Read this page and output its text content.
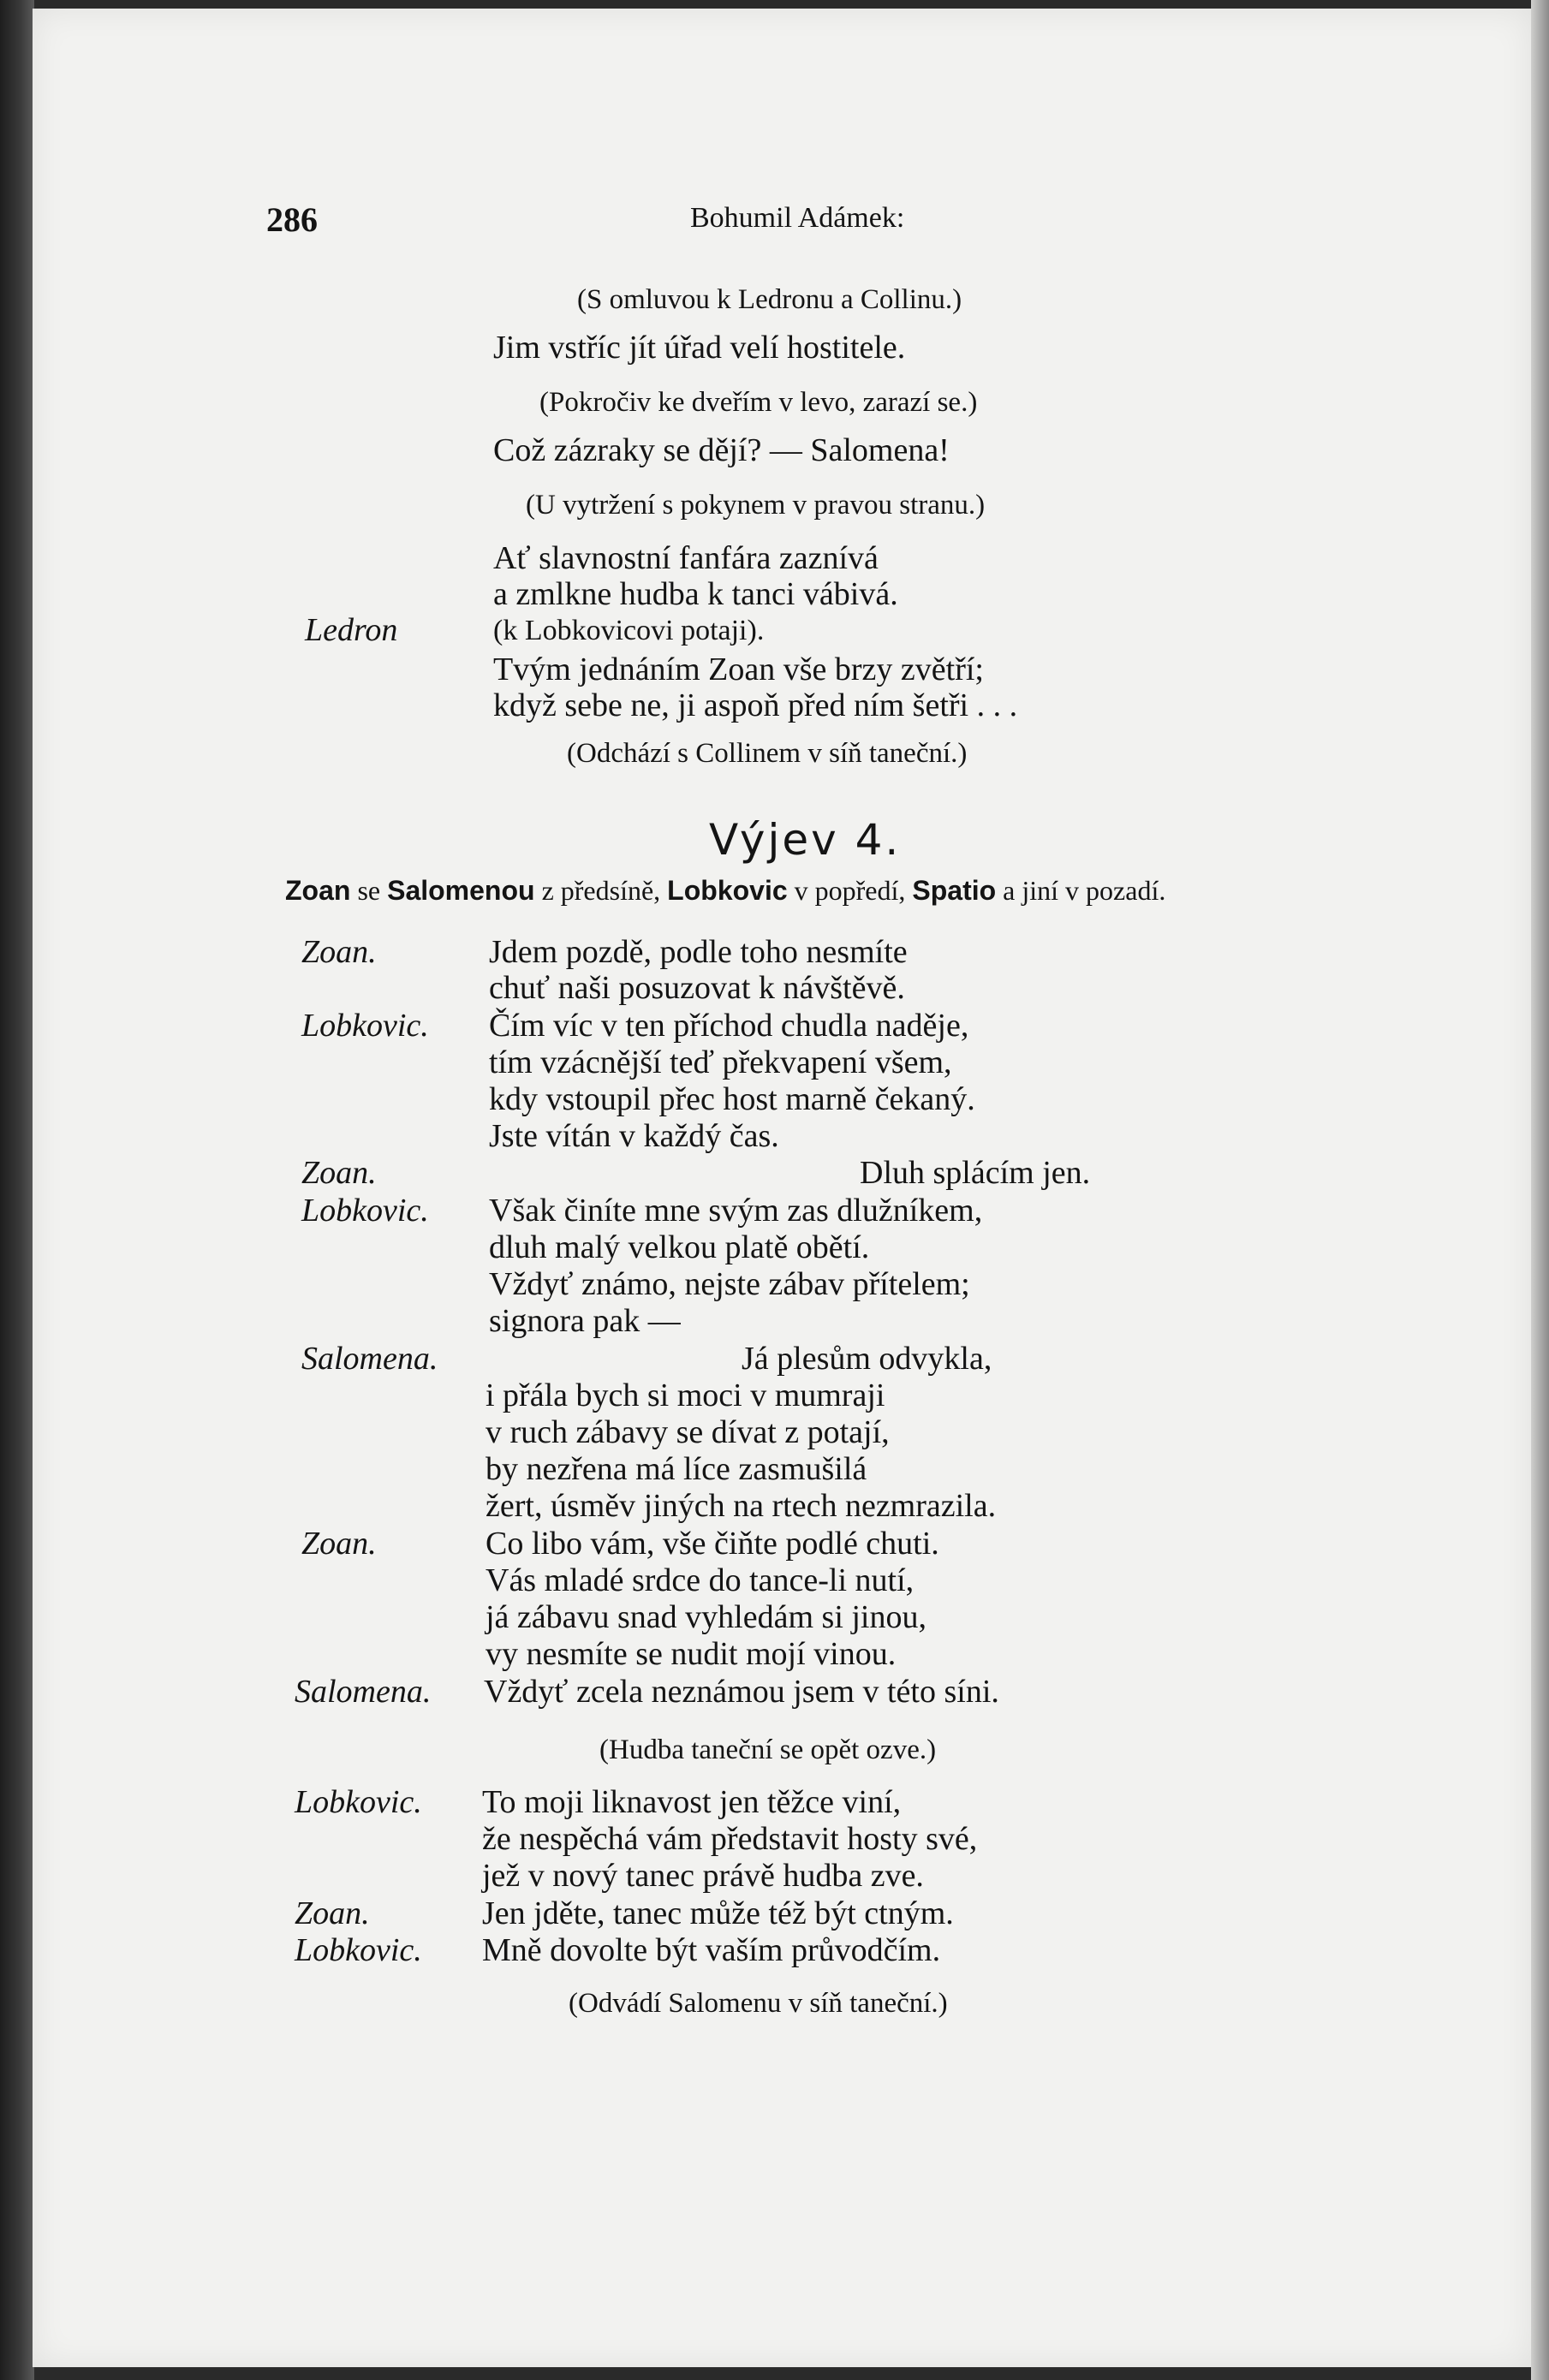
286	Bohumil Adámek:
(S omluvou k Ledronu a Collinu.)
Jim vstříc jít úřad velí hostitele.
(Pokročiv ke dveřím v levo, zarazí se.)
Což zázraky se dějí? — Salomena!
(U vytržení s pokynem v pravou stranu.)
Ať slavnostní fanfára zaznívá
a zmlkne hudba k tanci vábivá.
Ledron	(k Lobkovicovi potaji).
Tvým jednáním Zoan vše brzy zvětří;
když sebe ne, ji aspoň před ním šetři . . .
(Odchází s Collinem v síň taneční.)
Výjev 4.
Zoan se Salomenou z předsíně, Lobkovic v popředí, Spatio a jiní v pozadí.
Zoan.	Jdem pozdě, podle toho nesmíte
chuť naši posuzovat k návštěvě.
Lobkovic. Čím víc v ten příchod chudla naděje,
tím vzácnější teď překvapení všem,
kdy vstoupil přec host marně čekaný.
Jste vítán v každý čas.
Zoan.	Dluh splácím jen.
Lobkovic. Však činíte mne svým zas dlužníkem,
dluh malý velkou platě obětí.
Vždyť známo, nejste zábav přítelem;
signora pak —
Salomena.	Já plesům odvykla,
i přála bych si moci v mumraji
v ruch zábavy se dívat z potají,
by nezřena má líce zasmušilá
žert, úsměv jiných na rtech nezmrazila.
Zoan.	Co libo vám, vše čiňte podlé chuti.
Vás mladé srdce do tance-li nutí,
já zábavu snad vyhledám si jinou,
vy nesmíte se nudit mojí vinou.
Salomena. Vždyť zcela neznámou jsem v této síni.
(Hudba taneční se opět ozve.)
Lobkovic. To moji liknavost jen těžce viní,
že nespěchá vám představit hosty své,
jež v nový tanec právě hudba zve.
Zoan.	Jen jděte, tanec může též být ctným.
Lobkovic. Mně dovolte být vaším průvodčím.
(Odvádí Salomenu v síň taneční.)
